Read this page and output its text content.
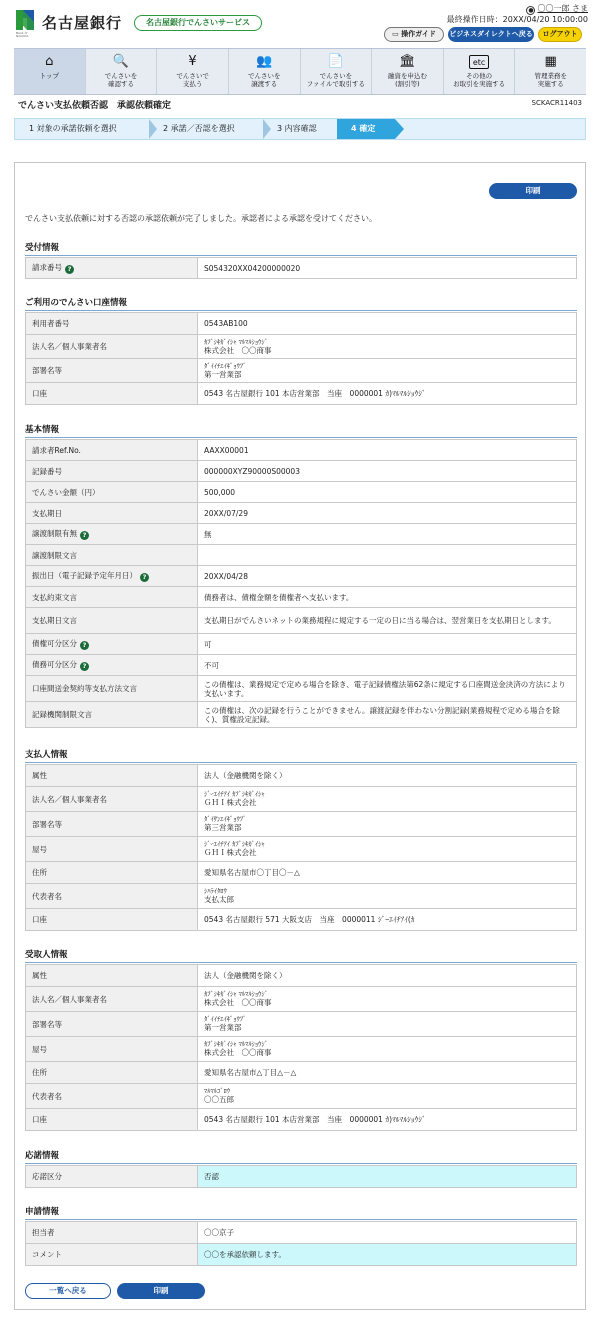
名古屋銀行
Bank of NAGOYA
名古屋銀行でんさいサービス
● 〇〇一郎 さま
最終操作日時：20XX/04/20 10:00:00
▭ 操作ガイド	ビジネスダイレクトへ戻る	ログアウト
⌂
トップ
🔍
でんさいを
確認する
¥
でんさいで
支払う
👥
でんさいを
譲渡する
📄
でんさいを
ファイルで取引する
🏛
融資を申込む
(割引等)
etc
その他の
お取引を実施する
▦
管理業務を
実施する
でんさい支払依頼否認　承認依頼確定	SCKACR11403
1 対象の承諾依頼を選択	2 承諾／否認を選択	3 内容確認	4 確定
印刷
でんさい支払依頼に対する否認の承認依頼が完了しました。承認者による承認を受けてください。
受付情報
請求番号 ?	S054320XX04200000020
ご利用のでんさい口座情報
利用者番号	0543AB100
法人名／個人事業者名	ｶﾌﾞｼｷｶﾞｲｼｬ ﾏﾙﾏﾙｼｮｳｼﾞ
株式会社　〇〇商事
部署名等	ﾀﾞｲｲﾁｴｲｷﾞｮｳﾌﾞ
第一営業部
口座	0543 名古屋銀行 101 本店営業部　当座　0000001 ｶ)ﾏﾙﾏﾙｼｮｳｼﾞ
基本情報
請求者Ref.No.	AAXX00001
記録番号	000000XYZ90000S00003
でんさい金額（円）	500,000
支払期日	20XX/07/29
譲渡制限有無 ?	無
譲渡制限文言	
振出日（電子記録予定年月日） ?	20XX/04/28
支払約束文言	債務者は、債権金額を債権者へ支払います。
支払期日文言	支払期日がでんさいネットの業務規程に規定する一定の日に当る場合は、翌営業日を支払期日とします。
債権可分区分 ?	可
債務可分区分 ?	不可
口座間送金契約等支払方法文言	この債権は、業務規定で定める場合を除き、電子記録債権法第62条に規定する口座間送金決済の方法により支払います。
記録機関制限文言	この債権は、次の記録を行うことができません。譲渡記録を伴わない分割記録(業務規程で定める場合を除く)、質権設定記録。
支払人情報
属性	法人（金融機関を除く）
法人名／個人事業者名	ｼﾞｰｴｲﾁｱｲ ｶﾌﾞｼｷｶﾞｲｼｬ
ＧＨＩ株式会社
部署名等	ﾀﾞｲｻﾝｴｲｷﾞｮｳﾌﾞ
第三営業部
屋号	ｼﾞｰｴｲﾁｱｲ ｶﾌﾞｼｷｶﾞｲｼｬ
ＧＨＩ株式会社
住所	愛知県名古屋市〇丁目〇－△
代表者名	ｼﾊﾗｲﾀﾛｳ
支払太郎
口座	0543 名古屋銀行 571 大阪支店　当座　0000011 ｼﾞｰｴｲﾁｱｲ(ｶ
受取人情報
属性	法人（金融機関を除く）
法人名／個人事業者名	ｶﾌﾞｼｷｶﾞｲｼｬ ﾏﾙﾏﾙｼｮｳｼﾞ
株式会社　〇〇商事
部署名等	ﾀﾞｲｲﾁｴｲｷﾞｮｳﾌﾞ
第一営業部
屋号	ｶﾌﾞｼｷｶﾞｲｼｬ ﾏﾙﾏﾙｼｮｳｼﾞ
株式会社　〇〇商事
住所	愛知県名古屋市△丁目△－△
代表者名	ﾏﾙﾏﾙｺﾞﾛｳ
〇〇五郎
口座	0543 名古屋銀行 101 本店営業部　当座　0000001 ｶ)ﾏﾙﾏﾙｼｮｳｼﾞ
応諾情報
応諾区分	否認
申請情報
担当者	〇〇京子
コメント	〇〇を承認依頼します。
一覧へ戻る	印刷
